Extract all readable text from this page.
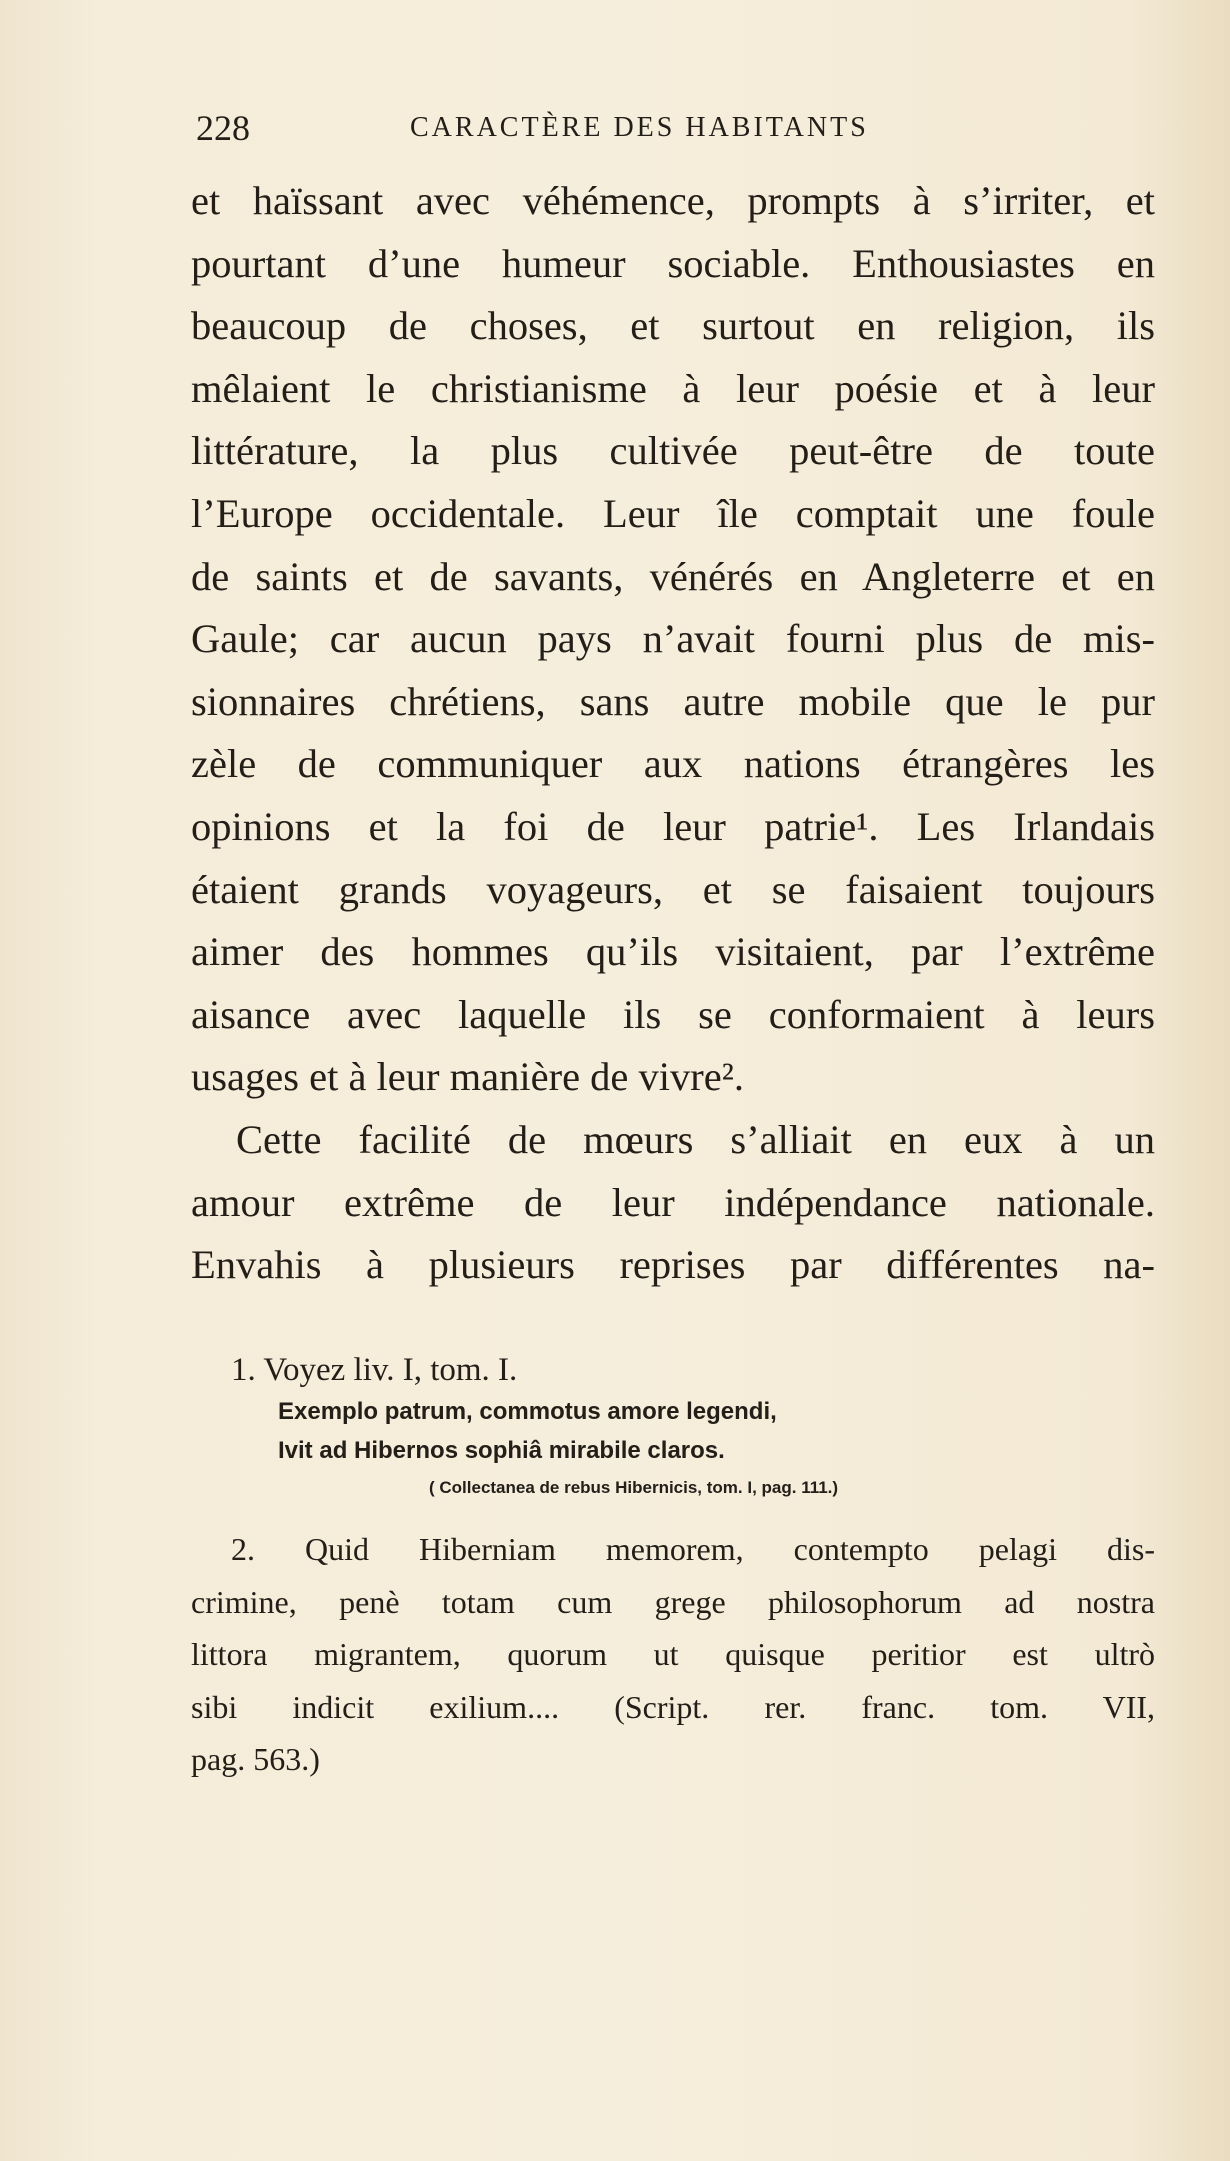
228	CARACTÈRE DES HABITANTS
et haïssant avec véhémence, prompts à s’irriter, et
pourtant d’une humeur sociable. Enthousiastes en
beaucoup de choses, et surtout en religion, ils
mêlaient le christianisme à leur poésie et à leur
littérature, la plus cultivée peut-être de toute
l’Europe occidentale. Leur île comptait une foule
de saints et de savants, vénérés en Angleterre et en
Gaule; car aucun pays n’avait fourni plus de mis-
sionnaires chrétiens, sans autre mobile que le pur
zèle de communiquer aux nations étrangères les
opinions et la foi de leur patrie¹. Les Irlandais
étaient grands voyageurs, et se faisaient toujours
aimer des hommes qu’ils visitaient, par l’extrême
aisance avec laquelle ils se conformaient à leurs
usages et à leur manière de vivre².
Cette facilité de mœurs s’alliait en eux à un
amour extrême de leur indépendance nationale.
Envahis à plusieurs reprises par différentes na-
1. Voyez liv. I, tom. I.
Exemplo patrum, commotus amore legendi,
Ivit ad Hibernos sophiâ mirabile claros.
( Collectanea de rebus Hibernicis, tom. I, pag. 111.)
2. Quid Hiberniam memorem, contempto pelagi dis-
crimine, penè totam cum grege philosophorum ad nostra
littora migrantem, quorum ut quisque peritior est ultrò
sibi indicit exilium.... (Script. rer. franc. tom. VII,
pag. 563.)
